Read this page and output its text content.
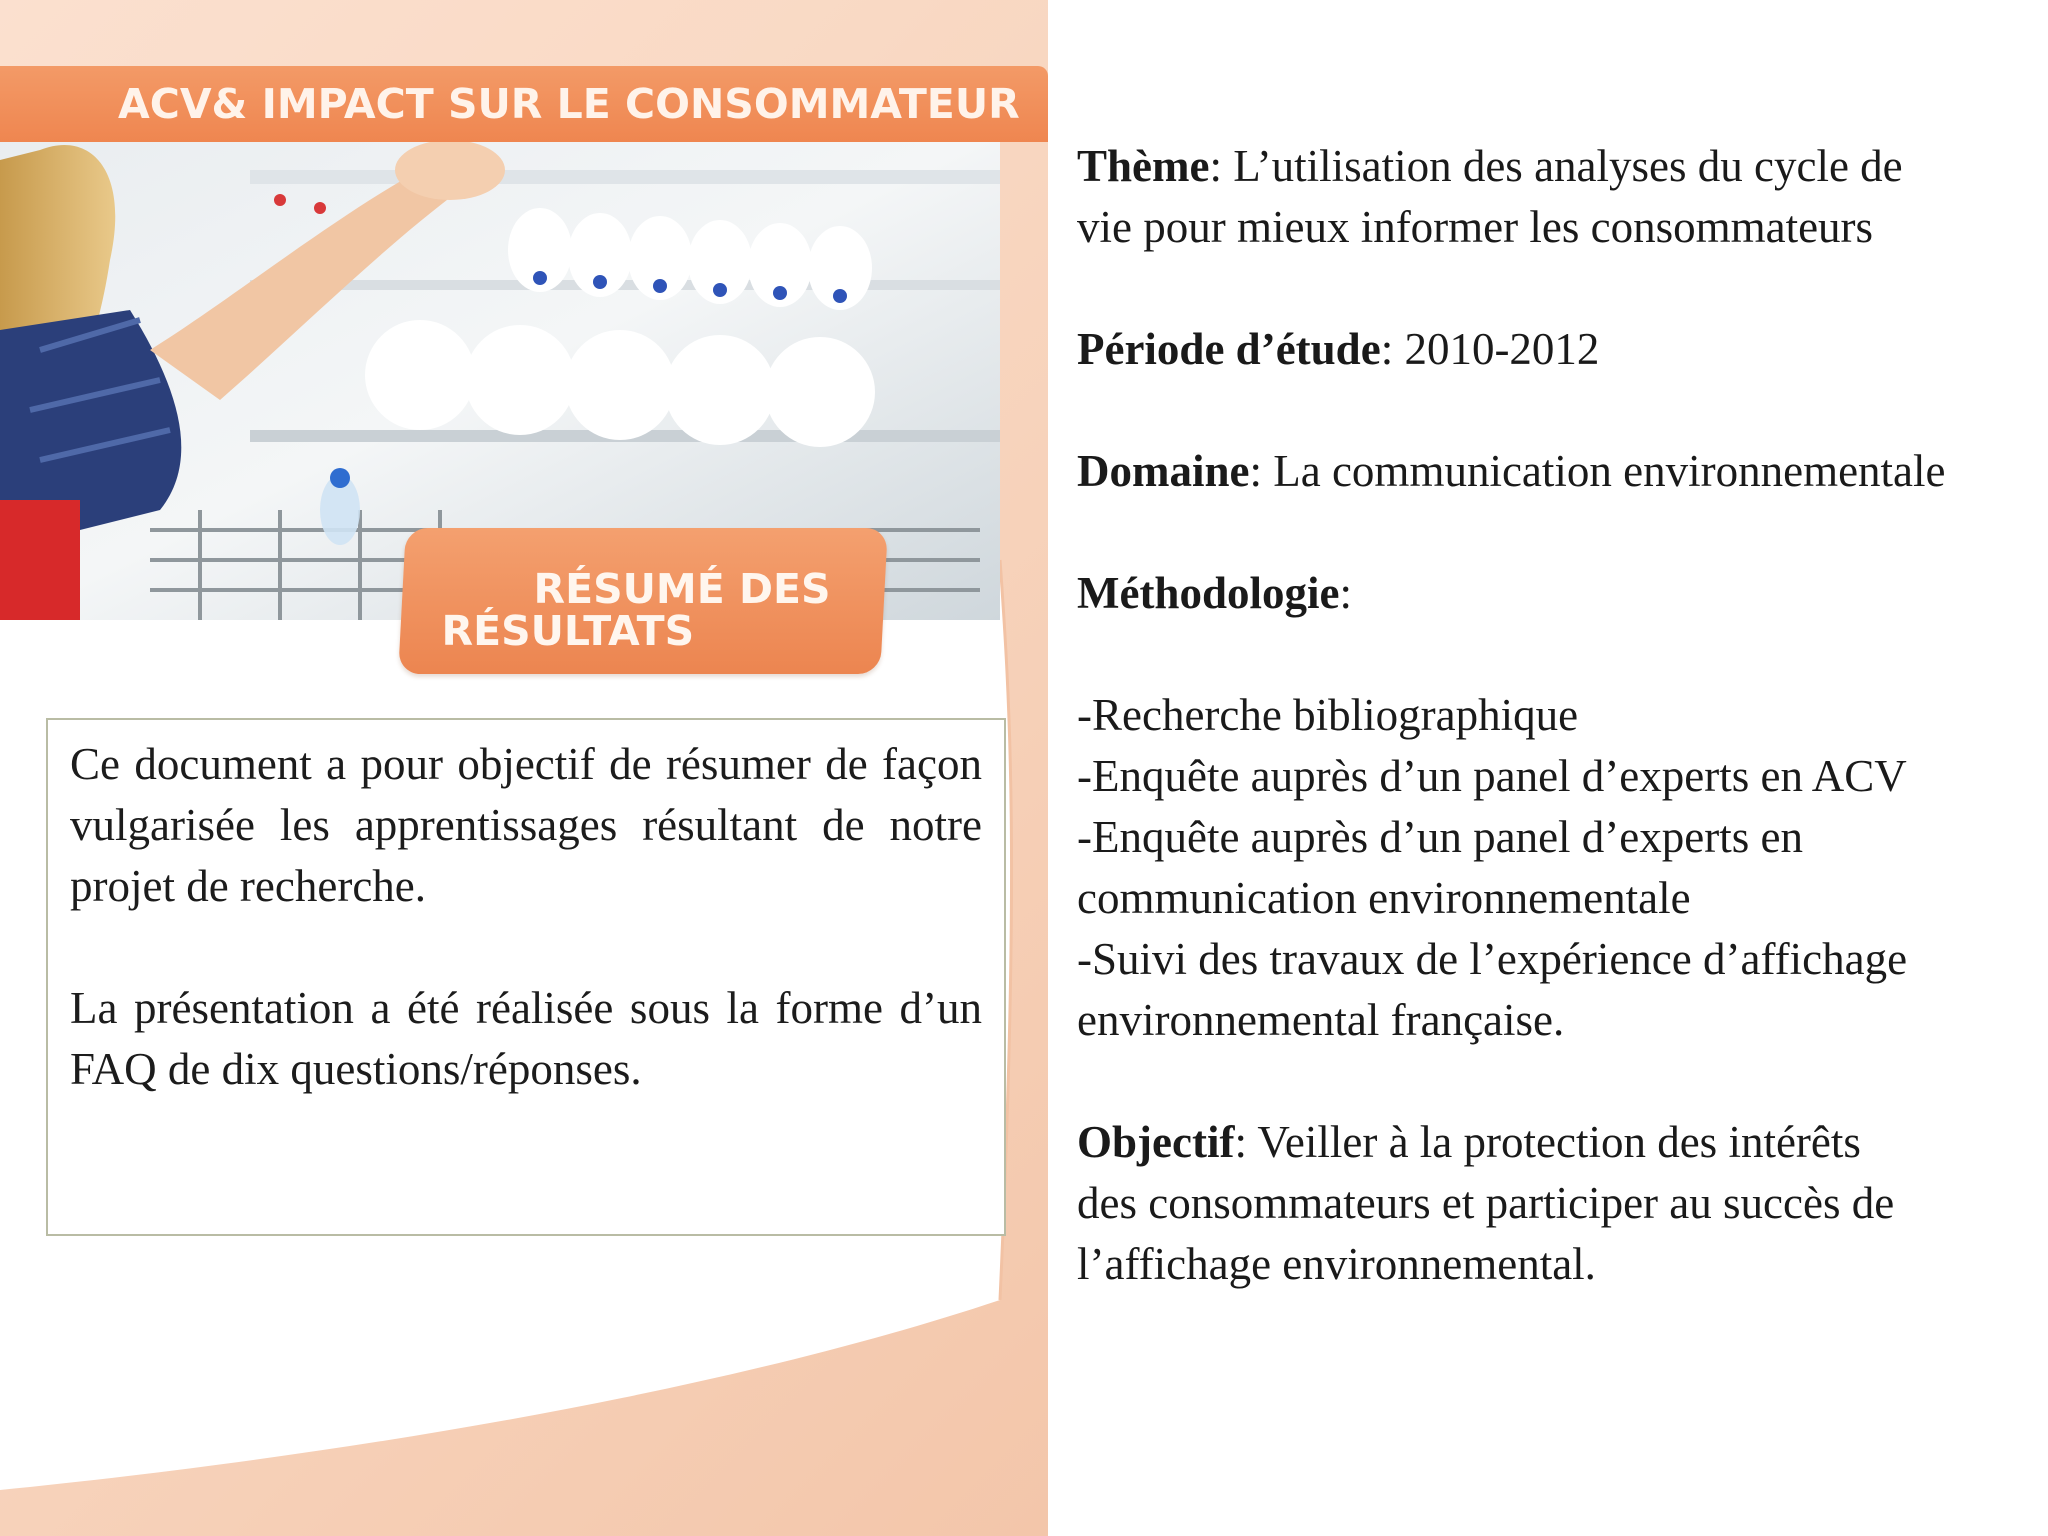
ACV& IMPACT SUR LE CONSOMMATEUR
RÉSUMÉ DES
RÉSULTATS

Ce document a pour objectif de résumer de façon vulgarisée les apprentissages résultant de notre projet de recherche.

La présentation a été réalisée sous la forme d’un FAQ de dix questions/réponses.

Thème: L’utilisation des analyses du cycle de
vie pour mieux informer les consommateurs
Période d’étude: 2010-2012
Domaine: La communication environnementale
Méthodologie:
-Recherche bibliographique
-Enquête auprès d’un panel d’experts en ACV
-Enquête auprès d’un panel d’experts en
communication environnementale
-Suivi des travaux de l’expérience d’affichage
environnemental française.
Objectif: Veiller à la protection des intérêts
des consommateurs et participer au succès de
l’affichage environnemental.
